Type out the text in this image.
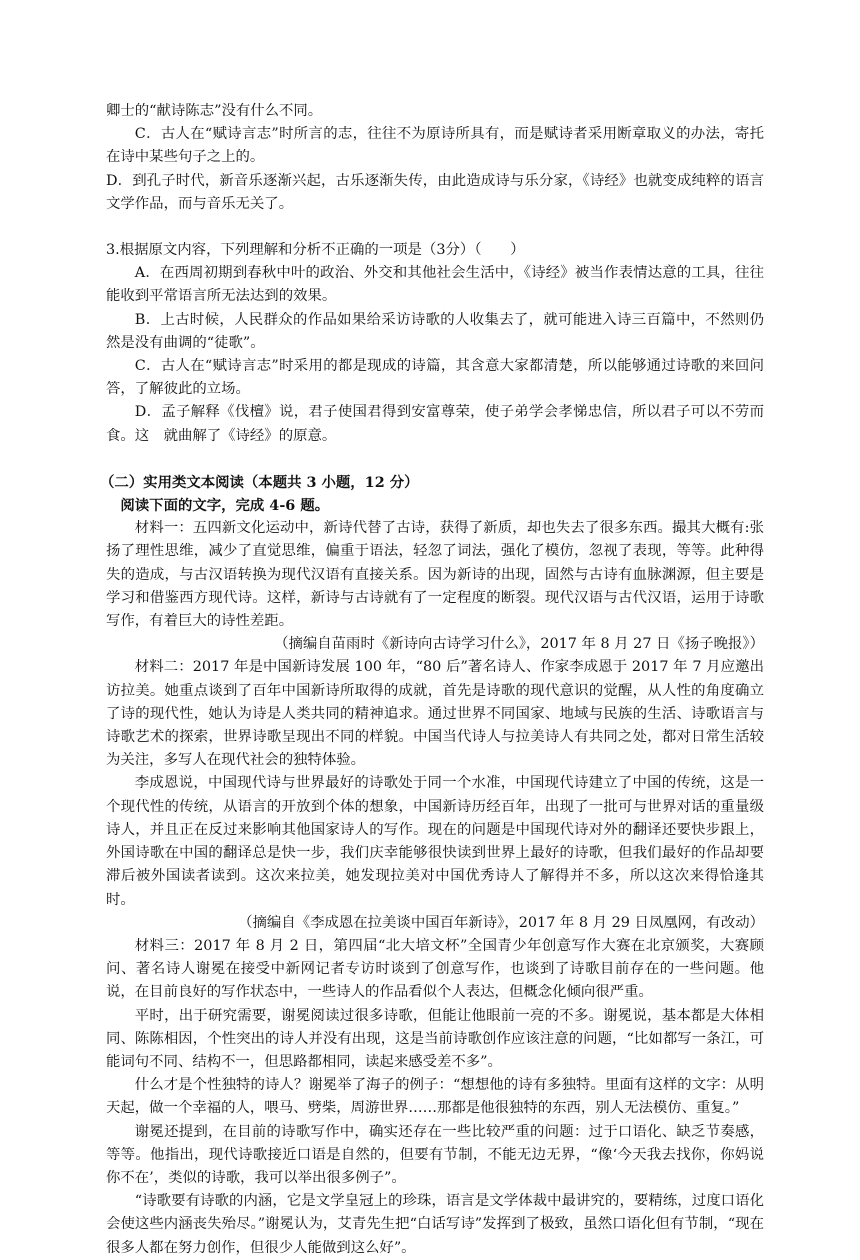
卿士的“献诗陈志”没有什么不同。

C．古人在“赋诗言志”时所言的志，往往不为原诗所具有，而是赋诗者采用断章取义的办法，寄托在诗中某些句子之上的。

D．到孔子时代，新音乐逐渐兴起，古乐逐渐失传，由此造成诗与乐分家，《诗经》也就变成纯粹的语言文学作品，而与音乐无关了。

3.根据原文内容，下列理解和分析不正确的一项是（3分）（　　）

A．在西周初期到春秋中叶的政治、外交和其他社会生活中，《诗经》被当作表情达意的工具，往往能收到平常语言所无法达到的效果。

B．上古时候，人民群众的作品如果给采访诗歌的人收集去了，就可能进入诗三百篇中，不然则仍然是没有曲调的“徒歌”。

C．古人在“赋诗言志”时采用的都是现成的诗篇，其含意大家都清楚，所以能够通过诗歌的来回问答，了解彼此的立场。

D．孟子解释《伐檀》说，君子使国君得到安富尊荣，使子弟学会孝悌忠信，所以君子可以不劳而食。这　就曲解了《诗经》的原意。

（二）实用类文本阅读（本题共 3 小题，12 分）

阅读下面的文字，完成 4-6 题。

材料一：五四新文化运动中，新诗代替了古诗，获得了新质，却也失去了很多东西。撮其大概有:张扬了理性思维，减少了直觉思维，偏重于语法，轻忽了词法，强化了模仿，忽视了表现，等等。此种得失的造成，与古汉语转换为现代汉语有直接关系。因为新诗的出现，固然与古诗有血脉渊源，但主要是学习和借鉴西方现代诗。这样，新诗与古诗就有了一定程度的断裂。现代汉语与古代汉语，运用于诗歌写作，有着巨大的诗性差距。

（摘编自苗雨时《新诗向古诗学习什么》，2017 年 8 月 27 日《扬子晚报》）

材料二：2017 年是中国新诗发展 100 年，“80 后”著名诗人、作家李成恩于 2017 年 7 月应邀出访拉美。她重点谈到了百年中国新诗所取得的成就，首先是诗歌的现代意识的觉醒，从人性的角度确立了诗的现代性，她认为诗是人类共同的精神追求。通过世界不同国家、地域与民族的生活、诗歌语言与诗歌艺术的探索，世界诗歌呈现出不同的样貌。中国当代诗人与拉美诗人有共同之处，都对日常生活较为关注，多写人在现代社会的独特体验。

李成恩说，中国现代诗与世界最好的诗歌处于同一个水准，中国现代诗建立了中国的传统，这是一个现代性的传统，从语言的开放到个体的想象，中国新诗历经百年，出现了一批可与世界对话的重量级诗人，并且正在反过来影响其他国家诗人的写作。现在的问题是中国现代诗对外的翻译还要快步跟上，外国诗歌在中国的翻译总是快一步，我们庆幸能够很快读到世界上最好的诗歌，但我们最好的作品却要滞后被外国读者读到。这次来拉美，她发现拉美对中国优秀诗人了解得并不多，所以这次来得恰逢其时。

（摘编自《李成恩在拉美谈中国百年新诗》，2017 年 8 月 29 日凤凰网，有改动）

材料三：2017 年 8 月 2 日，第四届“北大培文杯”全国青少年创意写作大赛在北京颁奖，大赛顾问、著名诗人谢冕在接受中新网记者专访时谈到了创意写作，也谈到了诗歌目前存在的一些问题。他说，在目前良好的写作状态中，一些诗人的作品看似个人表达，但概念化倾向很严重。

平时，出于研究需要，谢冕阅读过很多诗歌，但能让他眼前一亮的不多。谢冕说，基本都是大体相同、陈陈相因，个性突出的诗人并没有出现，这是当前诗歌创作应该注意的问题，“比如都写一条江，可能词句不同、结构不一，但思路都相同，读起来感受差不多”。

什么才是个性独特的诗人？谢冕举了海子的例子：“想想他的诗有多独特。里面有这样的文字：从明天起，做一个幸福的人，喂马、劈柴，周游世界……那都是他很独特的东西，别人无法模仿、重复。”

谢冕还提到，在目前的诗歌写作中，确实还存在一些比较严重的问题：过于口语化、缺乏节奏感，等等。他指出，现代诗歌接近口语是自然的，但要有节制，不能无边无界，“像‘今天我去找你，你妈说你不在’，类似的诗歌，我可以举出很多例子”。

“诗歌要有诗歌的内涵，它是文学皇冠上的珍珠，语言是文学体裁中最讲究的，要精练，过度口语化会使这些内涵丧失殆尽。”谢冕认为，艾青先生把“白话写诗”发挥到了极致，虽然口语化但有节制，“现在很多人都在努力创作，但很少人能做到这么好”。
